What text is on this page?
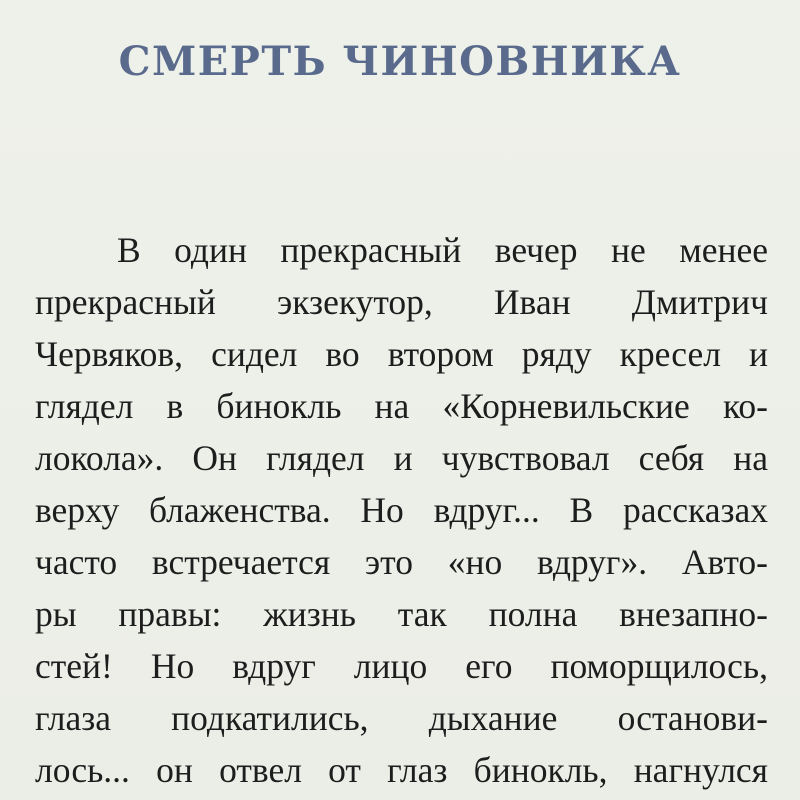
СМЕРТЬ ЧИНОВНИКА
В один прекрасный вечер не менее
прекрасный экзекутор, Иван Дмитрич
Червяков, сидел во втором ряду кресел и
глядел в бинокль на «Корневильские ко-
локола». Он глядел и чувствовал себя на
верху блаженства. Но вдруг... В рассказах
часто встречается это «но вдруг». Авто-
ры правы: жизнь так полна внезапно-
стей! Но вдруг лицо его поморщилось,
глаза подкатились, дыхание останови-
лось... он отвел от глаз бинокль, нагнулся
